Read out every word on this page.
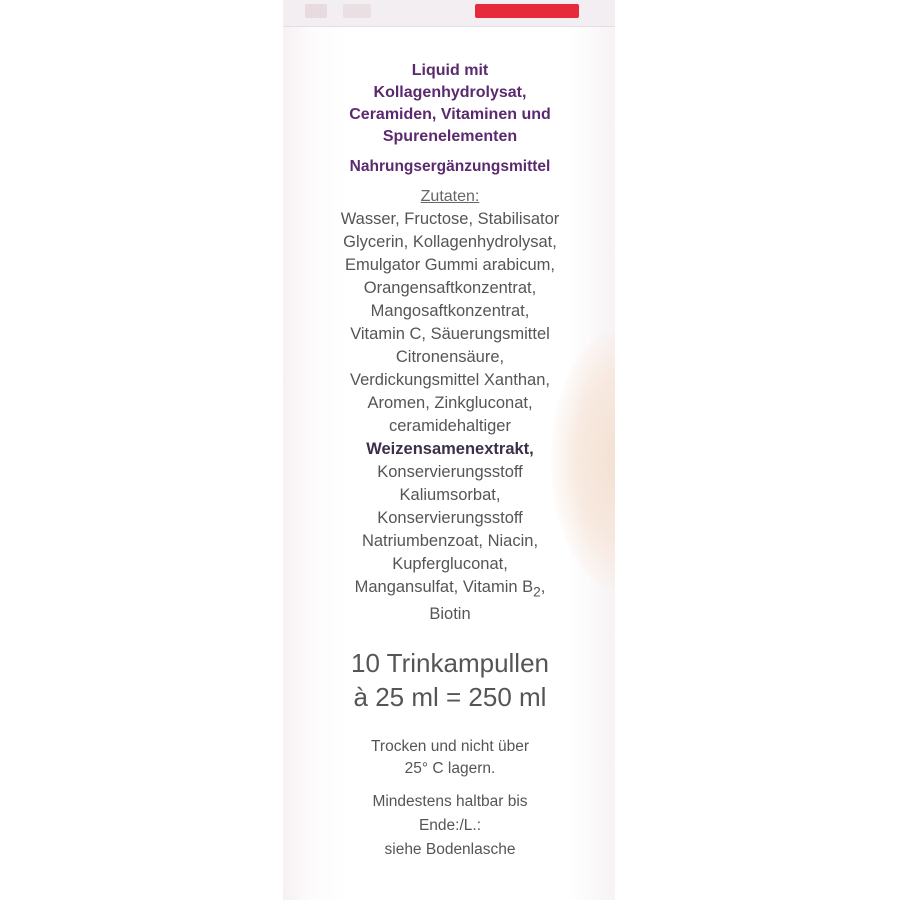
Liquid mit
Kollagenhydrolysat,
Ceramiden, Vitaminen und
Spurenelementen
Nahrungsergänzungsmittel
Zutaten:
Wasser, Fructose, Stabilisator
Glycerin, Kollagenhydrolysat,
Emulgator Gummi arabicum,
Orangensaftkonzentrat,
Mangosaftkonzentrat,
Vitamin C, Säuerungsmittel
Citronensäure,
Verdickungsmittel Xanthan,
Aromen, Zinkgluconat,
ceramidehaltiger
Weizensamenextrakt,
Konservierungsstoff
Kaliumsorbat,
Konservierungsstoff
Natriumbenzoat, Niacin,
Kupfergluconat,
Mangansulfat, Vitamin $B_2$,
Biotin
10 Trinkampullen
à 25 ml = 250 ml
Trocken und nicht über
25° C lagern.
Mindestens haltbar bis
Ende:/L.:
siehe Bodenlasche
